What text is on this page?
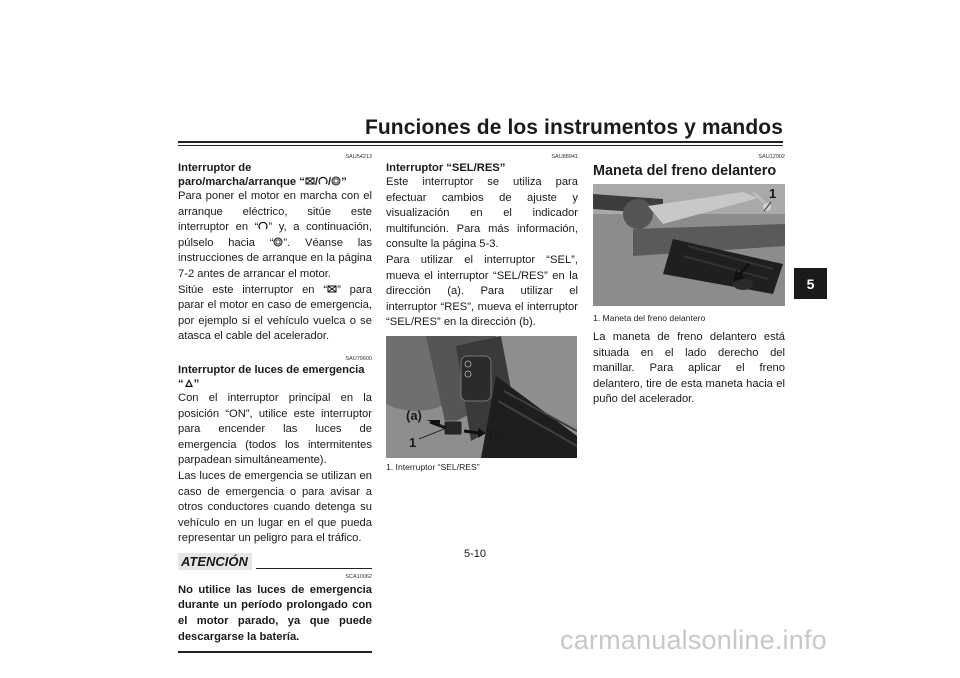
Funciones de los instrumentos y mandos
5
SAU54213
Interruptor de
paro/marcha/arranque “ / / ”

Para poner el motor en marcha con el arranque eléctrico, sitúe este interruptor en “ ” y, a continuación, púlselo hacia “ ”. Véanse las instrucciones de arranque en la página 7-2 antes de arrancar el motor.

Sitúe este interruptor en “ ” para parar el motor en caso de emergencia, por ejemplo si el vehículo vuelca o se atasca el cable del acelerador.

SAU79600
Interruptor de luces de emergencia “ ”

Con el interruptor principal en la posición “ON”, utilice este interruptor para encender las luces de emergencia (todos los intermitentes parpadean simultáneamente).

Las luces de emergencia se utilizan en caso de emergencia o para avisar a otros conductores cuando detenga su vehículo en un lugar en el que pueda representar un peligro para el tráfico.

ATENCIÓN
SCA10062

No utilice las luces de emergencia durante un período prolongado con el motor parado, ya que puede descargarse la batería.

SAU88941
Interruptor “SEL/RES”

Este interruptor se utiliza para efectuar cambios de ajuste y visualización en el indicador multifunción. Para más información, consulte la página 5-3.

Para utilizar el interruptor “SEL”, mueva el interruptor “SEL/RES” en la dirección (a). Para utilizar el interruptor “RES”, mueva el interruptor “SEL/RES” en la dirección (b).

(a)
(b)
1
1. Interruptor “SEL/RES”
SAU12902
Maneta del freno delantero
1
1. Maneta del freno delantero

La maneta de freno delantero está situada en el lado derecho del manillar. Para aplicar el freno delantero, tire de esta maneta hacia el puño del acelerador.

5-10
carmanualsonline.info
